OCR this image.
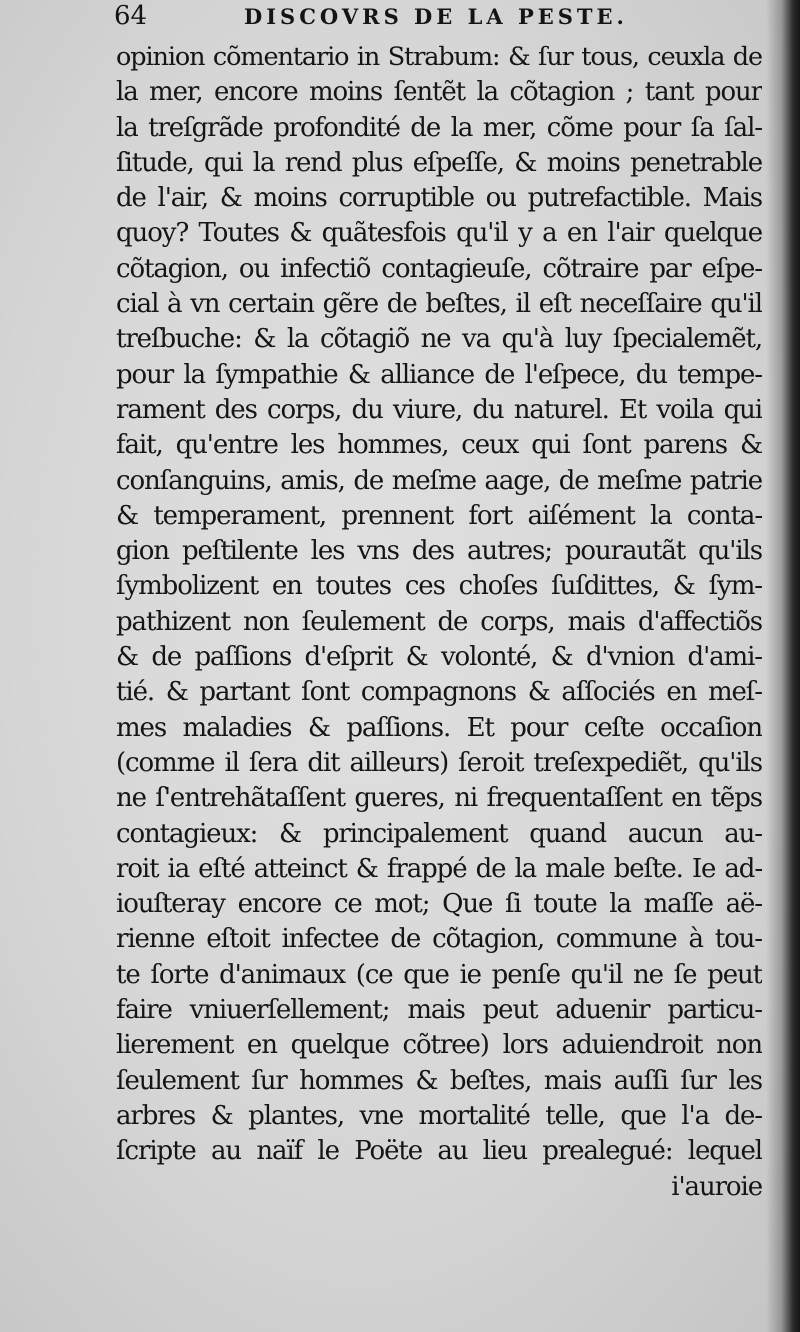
64	DISCOVRS DE LA PESTE.
opinion cõmentario in Strabum: & ſur tous, ceuxla de
la mer, encore moins ſentẽt la cõtagion ; tant pour
la treſgrãde profondité de la mer, cõme pour ſa ſal-
ſitude, qui la rend plus eſpeſſe, & moins penetrable
de l'air, & moins corruptible ou putrefactible. Mais
quoy? Toutes & quãtesfois qu'il y a en l'air quelque
cõtagion, ou infectiõ contagieuſe, cõtraire par eſpe-
cial à vn certain gẽre de beſtes, il eſt neceſſaire qu'il
treſbuche: & la cõtagiõ ne va qu'à luy ſpecialemẽt,
pour la ſympathie & alliance de l'eſpece, du tempe-
rament des corps, du viure, du naturel. Et voila qui
fait, qu'entre les hommes, ceux qui ſont parens &
conſanguins, amis, de meſme aage, de meſme patrie
& temperament, prennent fort aiſément la conta-
gion peſtilente les vns des autres; pourautãt qu'ils
ſymbolizent en toutes ces choſes ſuſdittes, & ſym-
pathizent non ſeulement de corps, mais d'affectiõs
& de paſſions d'eſprit & volonté, & d'vnion d'ami-
tié. & partant ſont compagnons & aſſociés en meſ-
mes maladies & paſſions. Et pour ceſte occaſion
(comme il ſera dit ailleurs) ſeroit treſexpediẽt, qu'ils
ne ſ'entrehãtaſſent gueres, ni frequentaſſent en tẽps
contagieux: & principalement quand aucun au-
roit ia eſté atteinct & frappé de la male beſte. Ie ad-
iouſteray encore ce mot; Que ſi toute la maſſe aë-
rienne eſtoit infectee de cõtagion, commune à tou-
te ſorte d'animaux (ce que ie penſe qu'il ne ſe peut
faire vniuerſellement; mais peut aduenir particu-
lierement en quelque cõtree) lors aduiendroit non
ſeulement ſur hommes & beſtes, mais auſſi ſur les
arbres & plantes, vne mortalité telle, que l'a de-
ſcripte au naïf le Poëte au lieu prealegué: lequel
i'auroie
